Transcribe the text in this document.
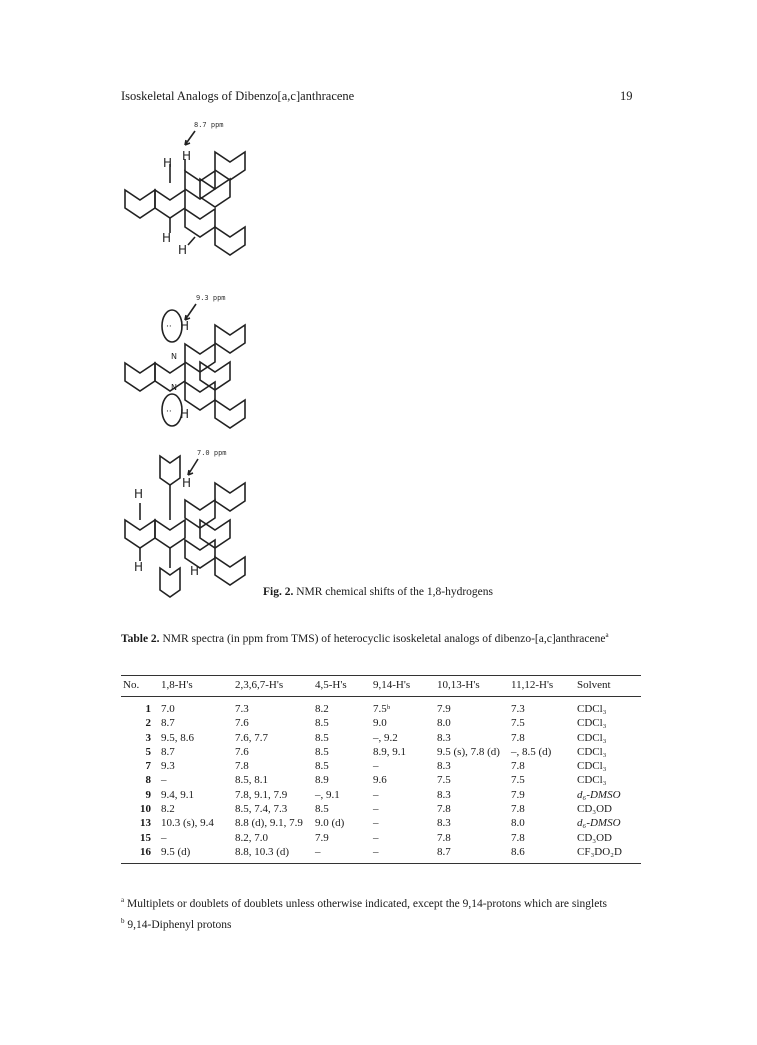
Isoskeletal Analogs of Dibenzo[a,c]anthracene	19
8.7 ppm
H H
H
H
9.3 ppm
··
··
H
N
N
H
7.0 ppm
H
H
H	H
Fig. 2. NMR chemical shifts of the 1,8-hydrogens
Table 2. NMR spectra (in ppm from TMS) of heterocyclic isoskeletal analogs of dibenzo-[a,c]anthracene$^a$
No.	1,8-H's	2,3,6,7-H's	4,5-H's	9,14-H's	10,13-H's	11,12-H's	Solvent
1	7.0	7.3	8.2	7.5ᵇ	7.9	7.3	CDCl₃
2	8.7	7.6	8.5	9.0	8.0	7.5	CDCl₃
3	9.5, 8.6	7.6, 7.7	8.5	–, 9.2	8.3	7.8	CDCl₃
5	8.7	7.6	8.5	8.9, 9.1	9.5 (s), 7.8 (d)	–, 8.5 (d)	CDCl₃
7	9.3	7.8	8.5	–	8.3	7.8	CDCl₃
8	–	8.5, 8.1	8.9	9.6	7.5	7.5	CDCl₃
9	9.4, 9.1	7.8, 9.1, 7.9	–, 9.1	–	8.3	7.9	d₆-DMSO
10	8.2	8.5, 7.4, 7.3	8.5	–	7.8	7.8	CD₃OD
13	10.3 (s), 9.4	8.8 (d), 9.1, 7.9	9.0 (d)	–	8.3	8.0	d₆-DMSO
15	–	8.2, 7.0	7.9	–	7.8	7.8	CD₃OD
16	9.5 (d)	8.8, 10.3 (d)	–	–	8.7	8.6	CF₃DO₂D

$^a$ Multiplets or doublets of doublets unless otherwise indicated, except the 9,14-protons which are singlets

$^b$ 9,14-Diphenyl protons
